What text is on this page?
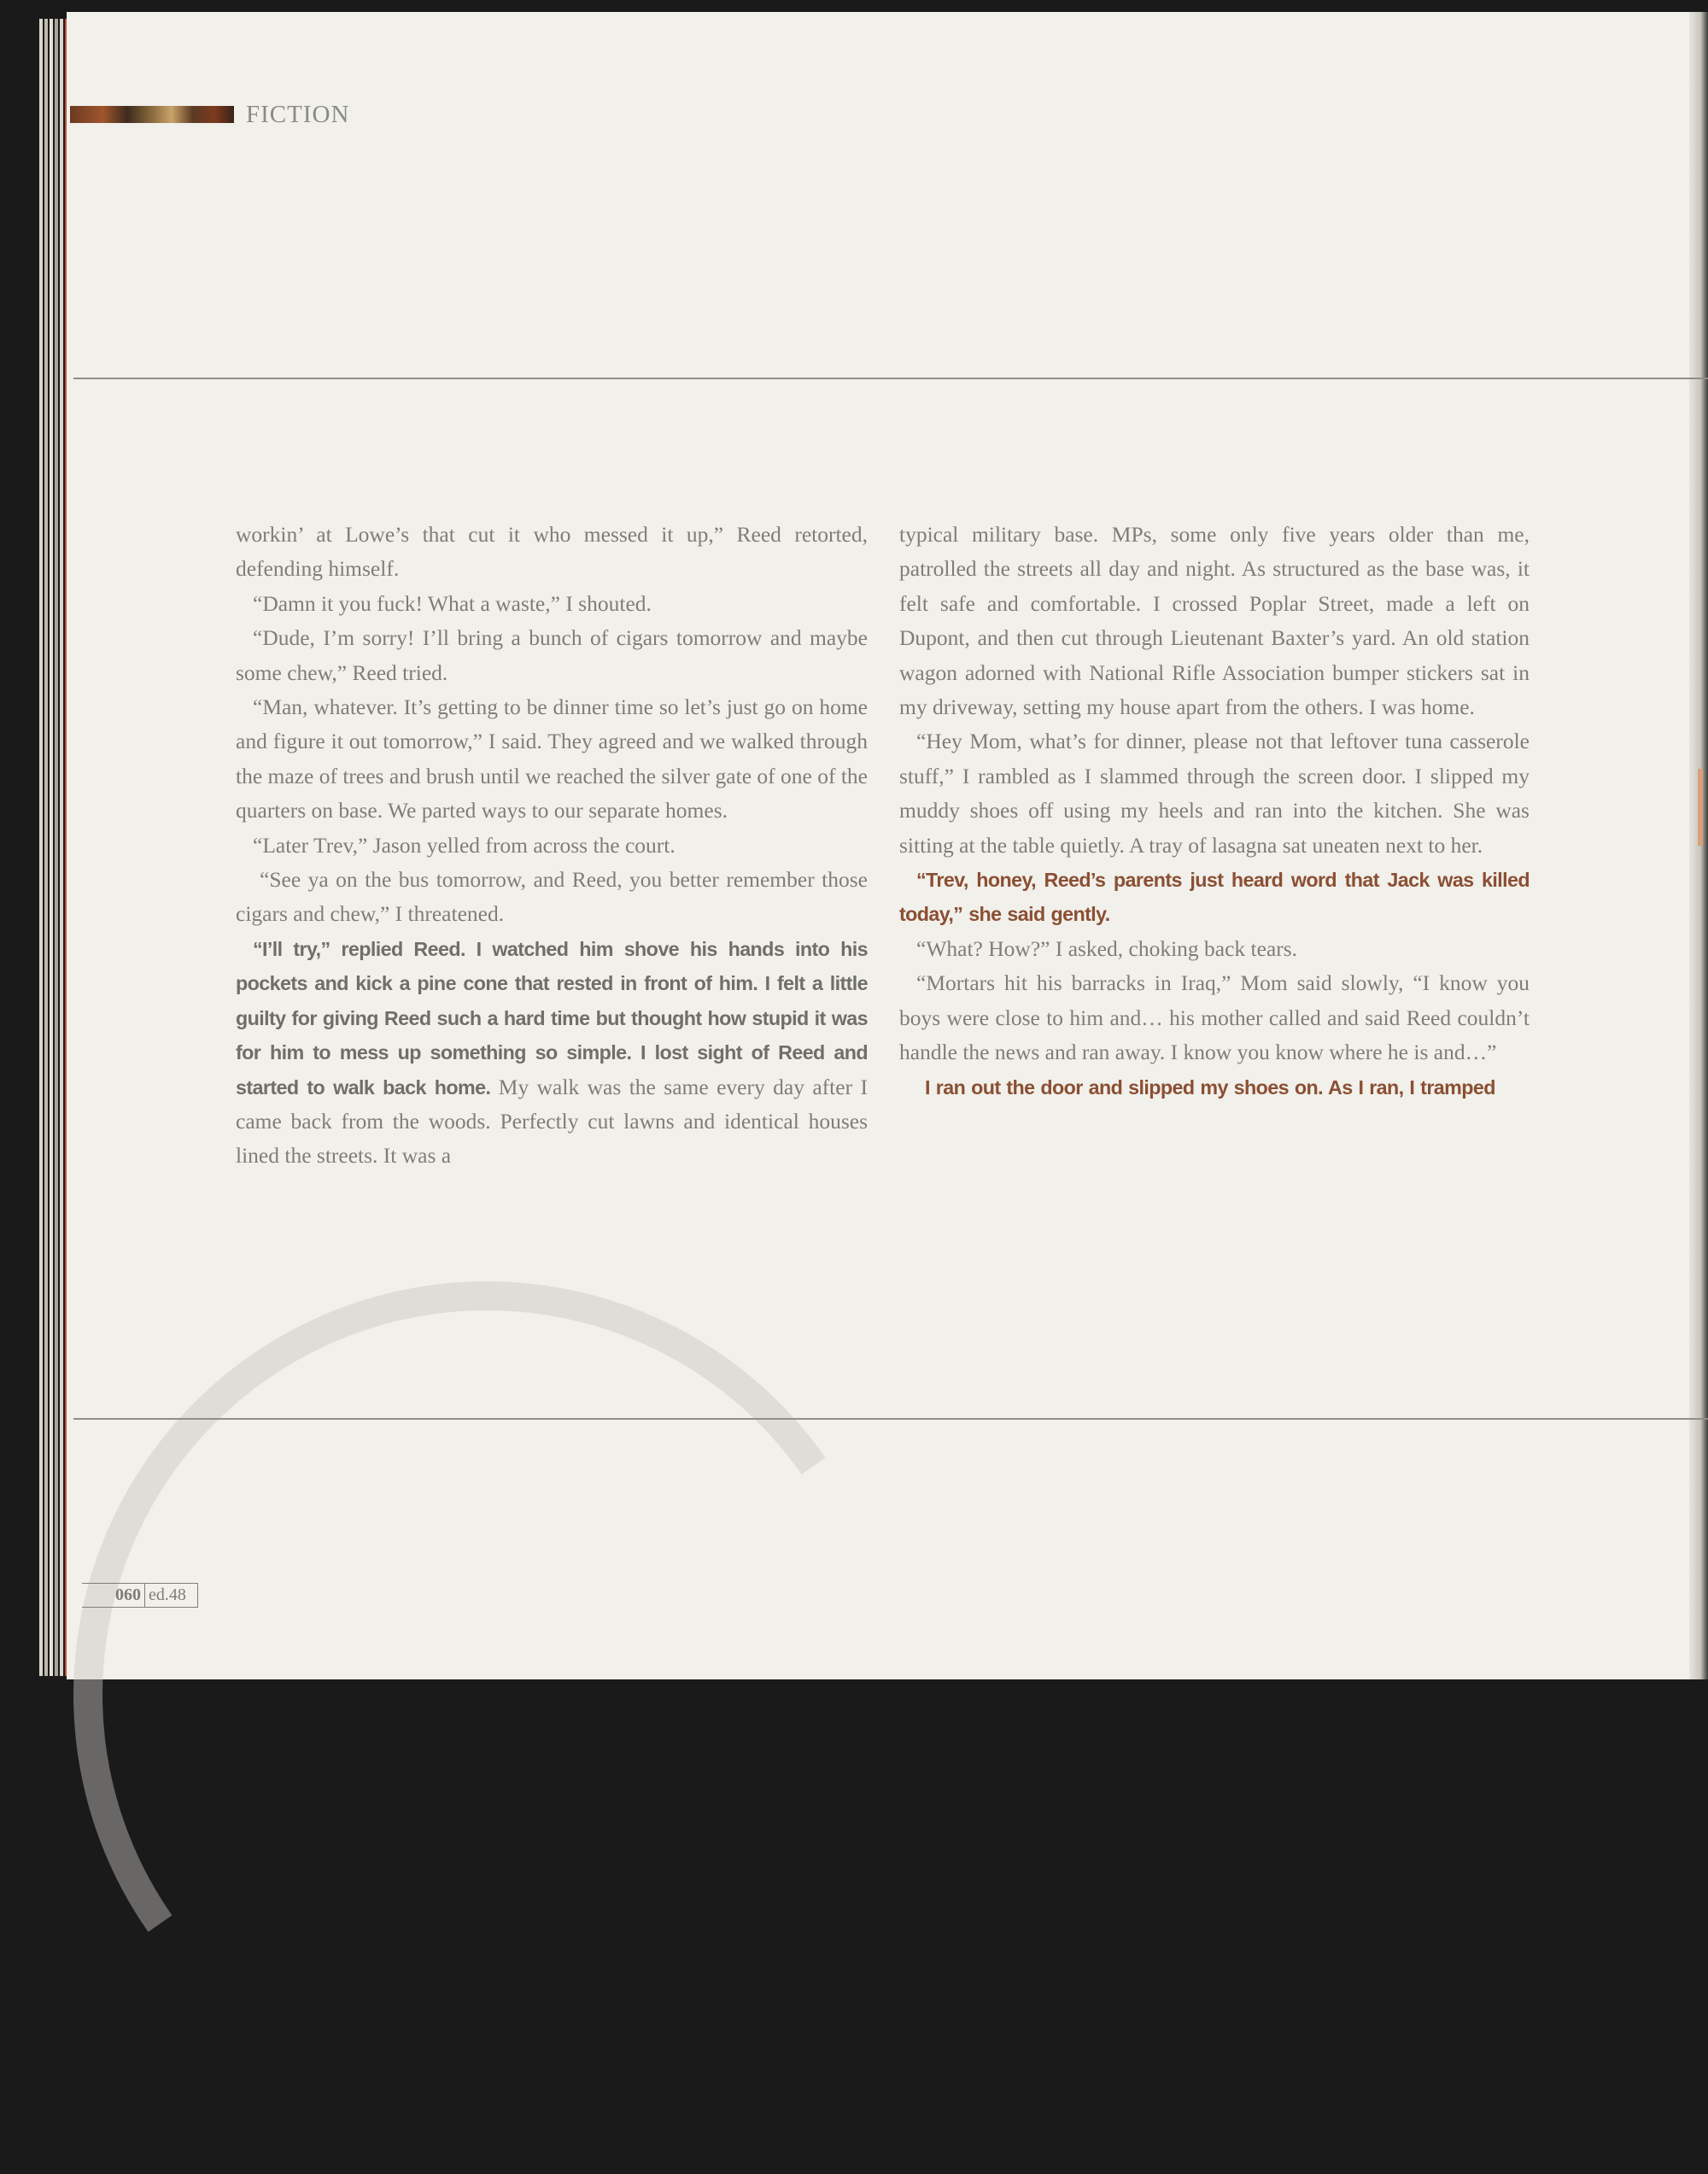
FICTION

workin’ at Lowe’s that cut it who messed it up,” Reed retorted, defending himself.

“Damn it you fuck! What a waste,” I shouted.

“Dude, I’m sorry! I’ll bring a bunch of cigars tomorrow and maybe some chew,” Reed tried.

“Man, whatever. It’s getting to be dinner time so let’s just go on home and figure it out tomorrow,” I said. They agreed and we walked through the maze of trees and brush until we reached the silver gate of one of the quarters on base. We parted ways to our separate homes.

“Later Trev,” Jason yelled from across the court.

“See ya on the bus tomorrow, and Reed, you better remember those cigars and chew,” I threatened.

“I’ll try,” replied Reed. I watched him shove his hands into his pockets and kick a pine cone that rested in front of him. I felt a little guilty for giving Reed such a hard time but thought how stupid it was for him to mess up something so simple. I lost sight of Reed and started to walk back home. My walk was the same every day after I came back from the woods. Perfectly cut lawns and identical houses lined the streets. It was a

typical military base. MPs, some only five years older than me, patrolled the streets all day and night. As structured as the base was, it felt safe and comfortable. I crossed Poplar Street, made a left on Dupont, and then cut through Lieutenant Baxter’s yard. An old station wagon adorned with National Rifle Association bumper stickers sat in my driveway, setting my house apart from the others. I was home.

“Hey Mom, what’s for dinner, please not that leftover tuna casserole stuff,” I rambled as I slammed through the screen door. I slipped my muddy shoes off using my heels and ran into the kitchen. She was sitting at the table quietly. A tray of lasagna sat uneaten next to her.

“Trev, honey, Reed’s parents just heard word that Jack was killed today,” she said gently.

“What? How?” I asked, choking back tears.

“Mortars hit his barracks in Iraq,” Mom said slowly, “I know you boys were close to him and… his mother called and said Reed couldn’t handle the news and ran away. I know you know where he is and…”

I ran out the door and slipped my shoes on. As I ran, I tramped

060 ed.48
